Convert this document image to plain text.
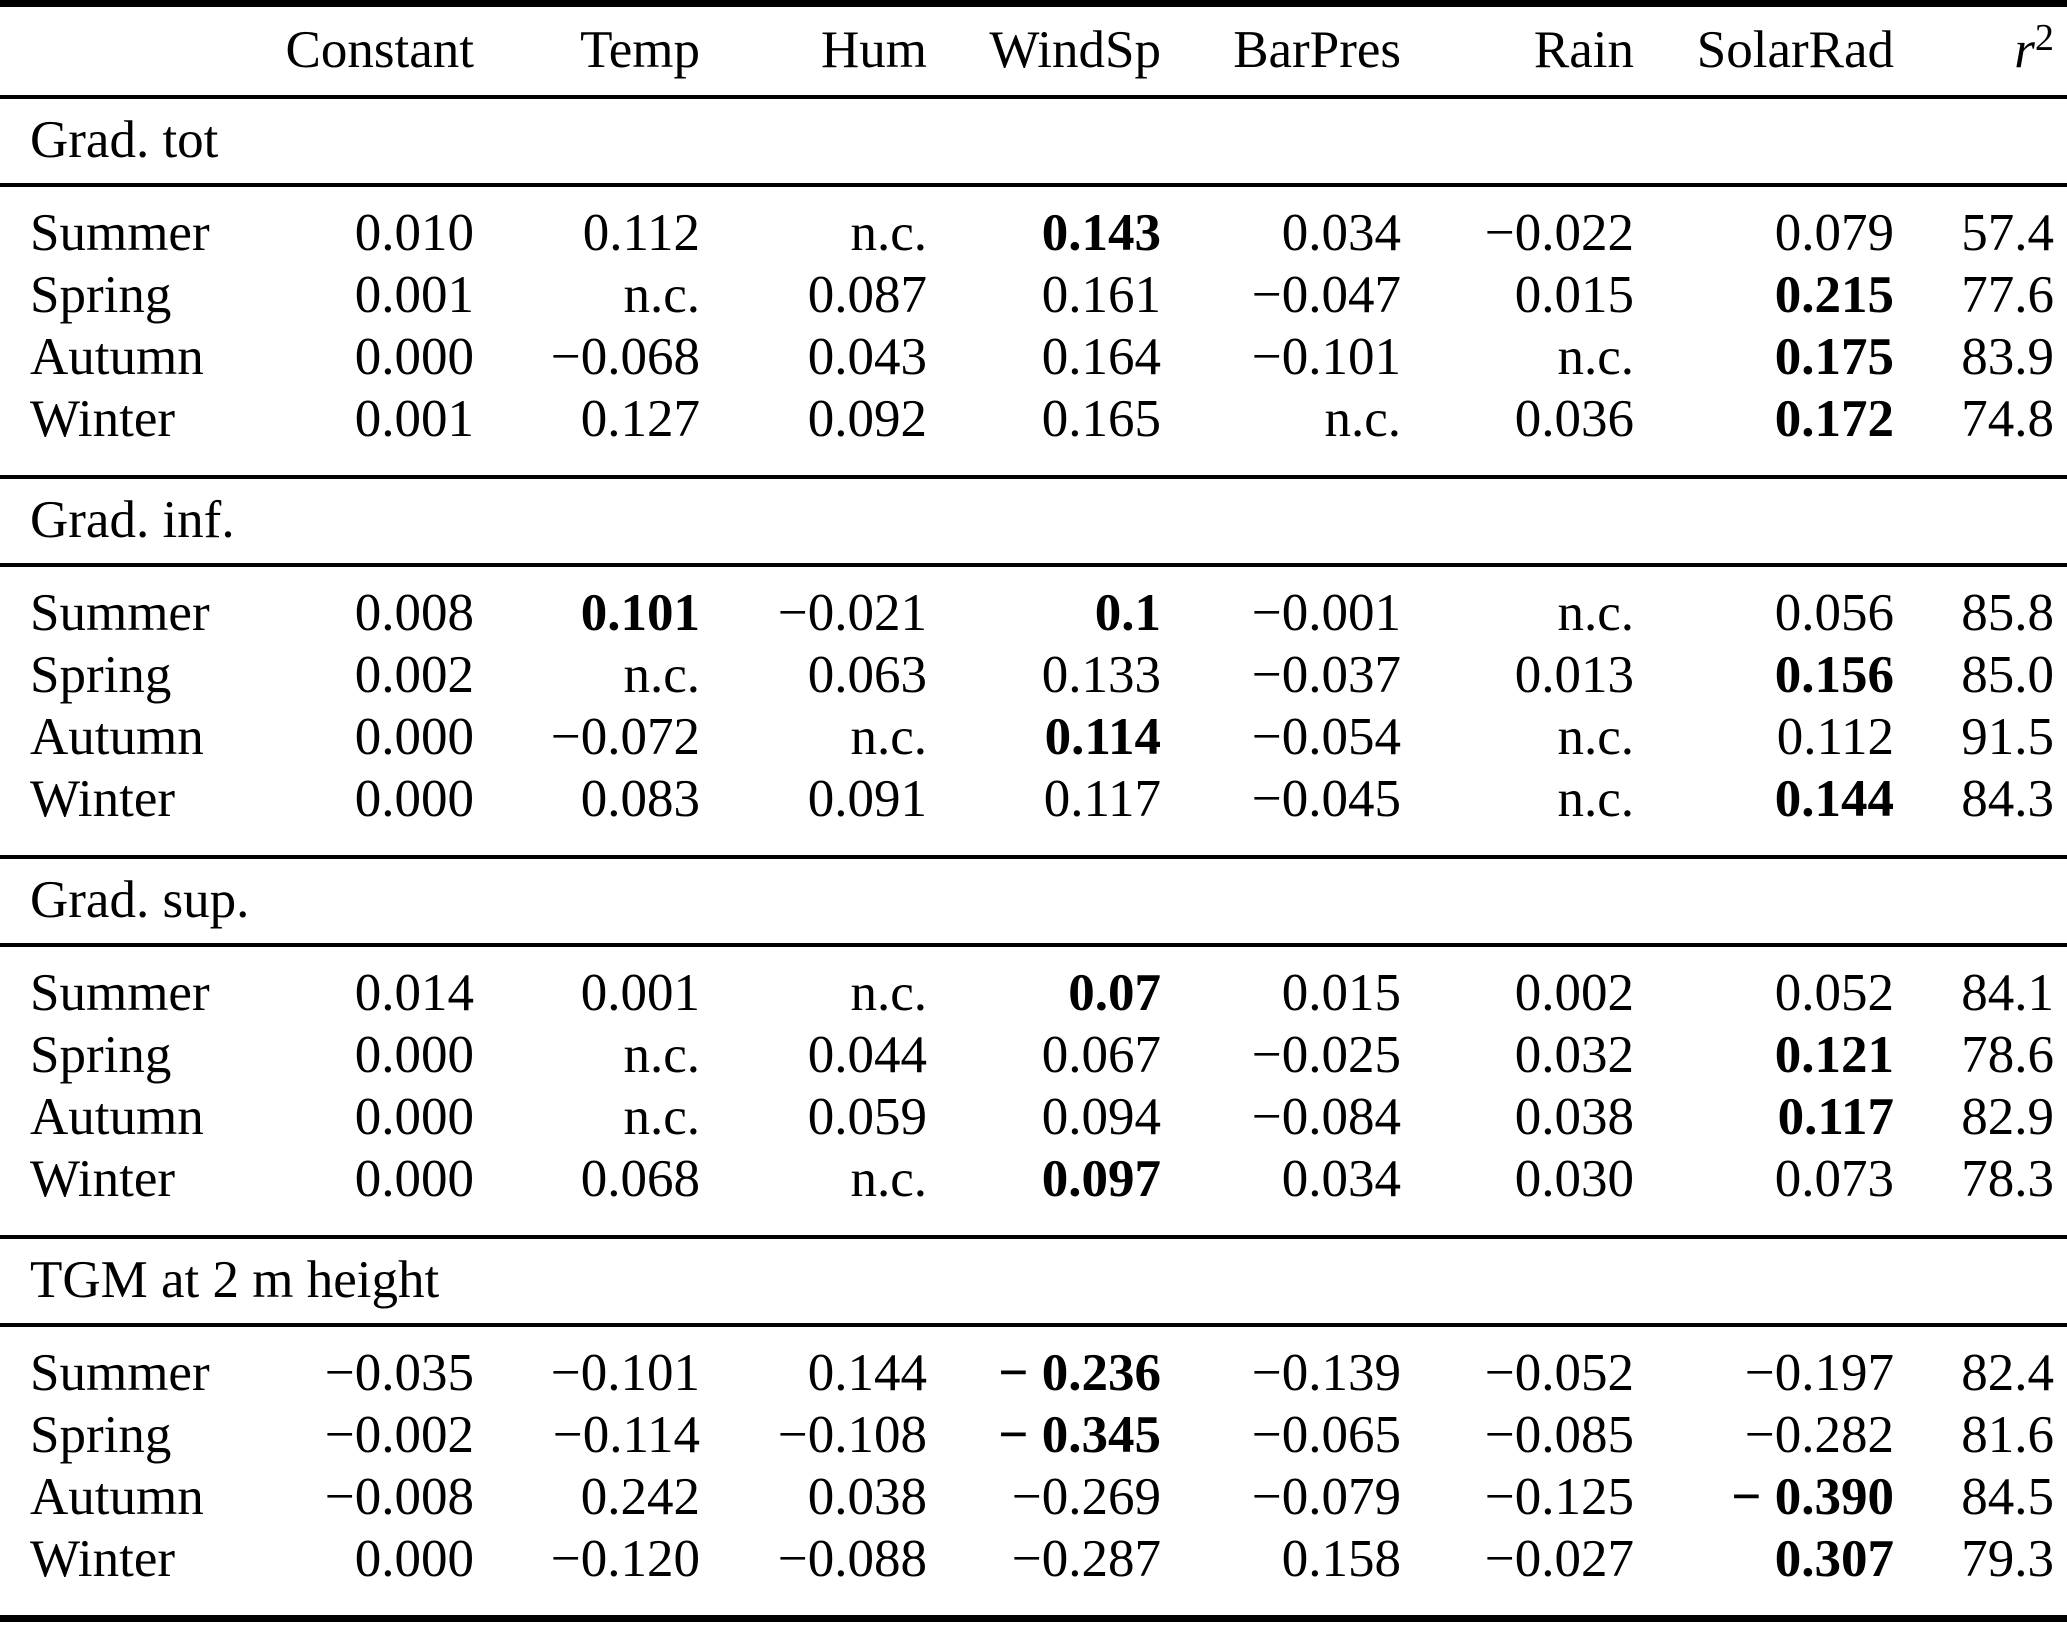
	Constant	Temp	Hum	WindSp	BarPres	Rain	SolarRad	$r^2$
Grad. tot								
Summer	0.010	0.112	n.c.	0.143	0.034	−0.022	0.079	57.4
Spring	0.001	n.c.	0.087	0.161	−0.047	0.015	0.215	77.6
Autumn	0.000	−0.068	0.043	0.164	−0.101	n.c.	0.175	83.9
Winter	0.001	0.127	0.092	0.165	n.c.	0.036	0.172	74.8
Grad. inf.								
Summer	0.008	0.101	−0.021	0.1	−0.001	n.c.	0.056	85.8
Spring	0.002	n.c.	0.063	0.133	−0.037	0.013	0.156	85.0
Autumn	0.000	−0.072	n.c.	0.114	−0.054	n.c.	0.112	91.5
Winter	0.000	0.083	0.091	0.117	−0.045	n.c.	0.144	84.3
Grad. sup.								
Summer	0.014	0.001	n.c.	0.07	0.015	0.002	0.052	84.1
Spring	0.000	n.c.	0.044	0.067	−0.025	0.032	0.121	78.6
Autumn	0.000	n.c.	0.059	0.094	−0.084	0.038	0.117	82.9
Winter	0.000	0.068	n.c.	0.097	0.034	0.030	0.073	78.3
TGM at 2 m height								
Summer	−0.035	−0.101	0.144	− 0.236	−0.139	−0.052	−0.197	82.4
Spring	−0.002	−0.114	−0.108	− 0.345	−0.065	−0.085	−0.282	81.6
Autumn	−0.008	0.242	0.038	−0.269	−0.079	−0.125	− 0.390	84.5
Winter	0.000	−0.120	−0.088	−0.287	0.158	−0.027	0.307	79.3
